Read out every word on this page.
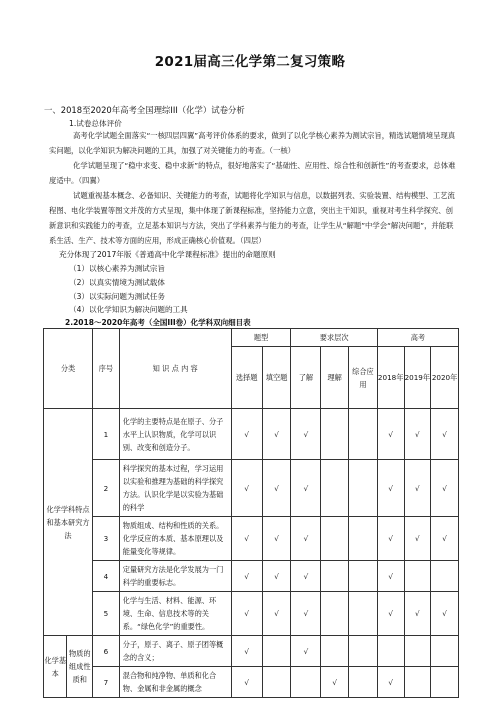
2021届高三化学第二复习策略
一、2018至2020年高考全国理综III（化学）试卷分析
1.试卷总体评价

高考化学试题全面落实“一核四层四翼”高考评价体系的要求，做到了以化学核心素养为测试宗旨，精选试题情境呈现真实问题，以化学知识为解决问题的工具，加强了对关键能力的考查。（一核）

化学试题呈现了“稳中求变、稳中求新”的特点，很好地落实了“基础性、应用性、综合性和创新性”的考查要求，总体难度适中。（四翼）

试题重视基本概念、必备知识、关键能力的考查，试题将化学知识与信息，以数据列表、实验装置、结构模型、工艺流程图、电化学装置等图文并茂的方式呈现，集中体现了新课程标准，坚持能力立意，突出主干知识，重视对考生科学探究、创新意识和实践能力的考查，立足基本知识与方法，突出了学科素养与能力的考查，让学生从“解题”中学会“解决问题”，并能联系生活、生产、技术等方面的应用，形成正确核心价值观。（四层）

充分体现了2017年版《普通高中化学课程标准》提出的命题原则
（1）以核心素养为测试宗旨
（2）以真实情境为测试载体
（3）以实际问题为测试任务
（4）以化学知识为解决问题的工具
2.2018～2020年高考（全国III卷）化学科双向细目表
分类		序号	知 识 点 内 容	题型		要求层次			高考		
				选择题	填空题	了解	理解	综合应用	2018年	2019年	2020年
化学学科特点和基本研究方法		1	化学的主要特点是在原子、分子水平上认识物质，化学可以识别、改变和创造分子。	√	√	√			√	√	√
		2	科学探究的基本过程，学习运用以实验和推理为基础的科学探究方法。认识化学是以实验为基础的科学	√	√	√			√	√	√
		3	物质组成、结构和性质的关系。化学反应的本质、基本原理以及能量变化等规律。	√	√	√			√	√	√
		4	定量研究方法是化学发展为一门科学的重要标志。	√	√	√			√		
		5	化学与生活、材料、能源、环境、生命、信息技术等的关系。“绿色化学”的重要性。	√	√	√			√	√	√
化学基本	物质的组成性质和	6	分子，原子、离子、原子团等概念的含义；	√		√					
		7	混合物和纯净物、单质和化合物、金属和非金属的概念	√			√		√		
